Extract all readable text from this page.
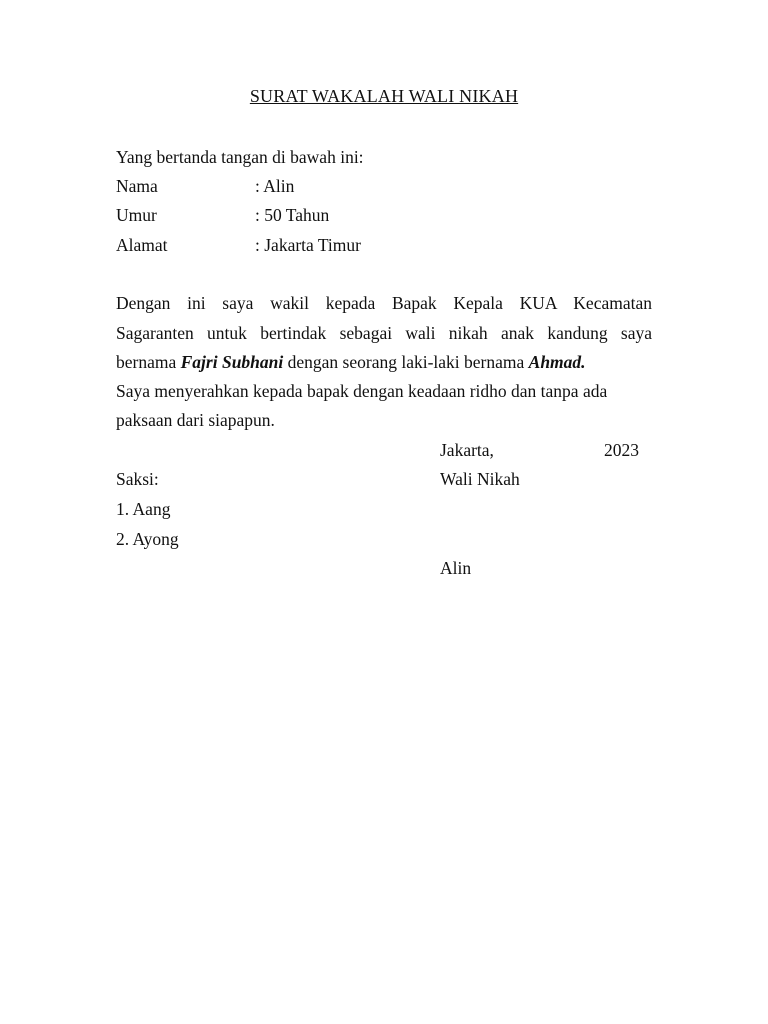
SURAT WAKALAH WALI NIKAH
Yang bertanda tangan di bawah ini:
Nama	: Alin
Umur	: 50 Tahun
Alamat	: Jakarta Timur
Dengan ini saya wakil kepada Bapak Kepala KUA Kecamatan
Sagaranten untuk bertindak sebagai wali nikah anak kandung saya
bernama Fajri Subhani dengan seorang laki-laki bernama Ahmad.
Saya menyerahkan kepada bapak dengan keadaan ridho dan tanpa ada
paksaan dari siapapun.
Jakarta,	2023
Saksi:	Wali Nikah
1. Aang
2. Ayong
Alin
